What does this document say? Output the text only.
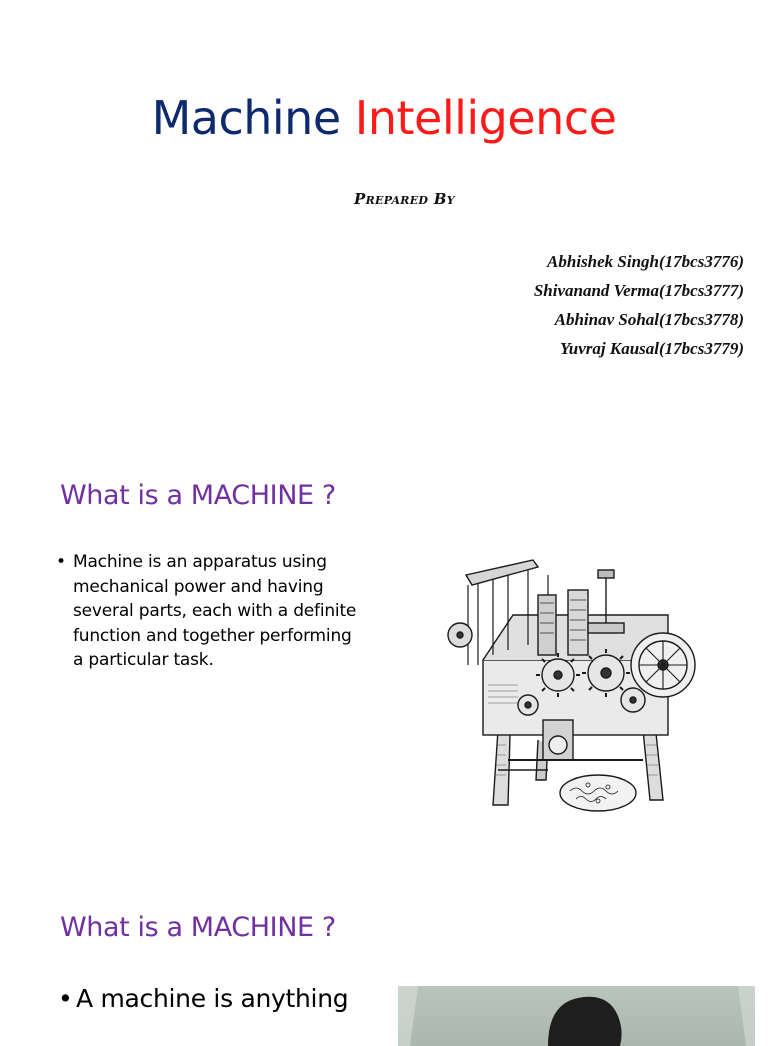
Machine Intelligence
Prepared By
Abhishek Singh(17bcs3776)
Shivanand Verma(17bcs3777)
Abhinav Sohal(17bcs3778)
Yuvraj Kausal(17bcs3779)
What is a MACHINE ?
• Machine is an apparatus using mechanical power and having several parts, each with a definite function and together performing a particular task.
What is a MACHINE ?
• A machine is anything
